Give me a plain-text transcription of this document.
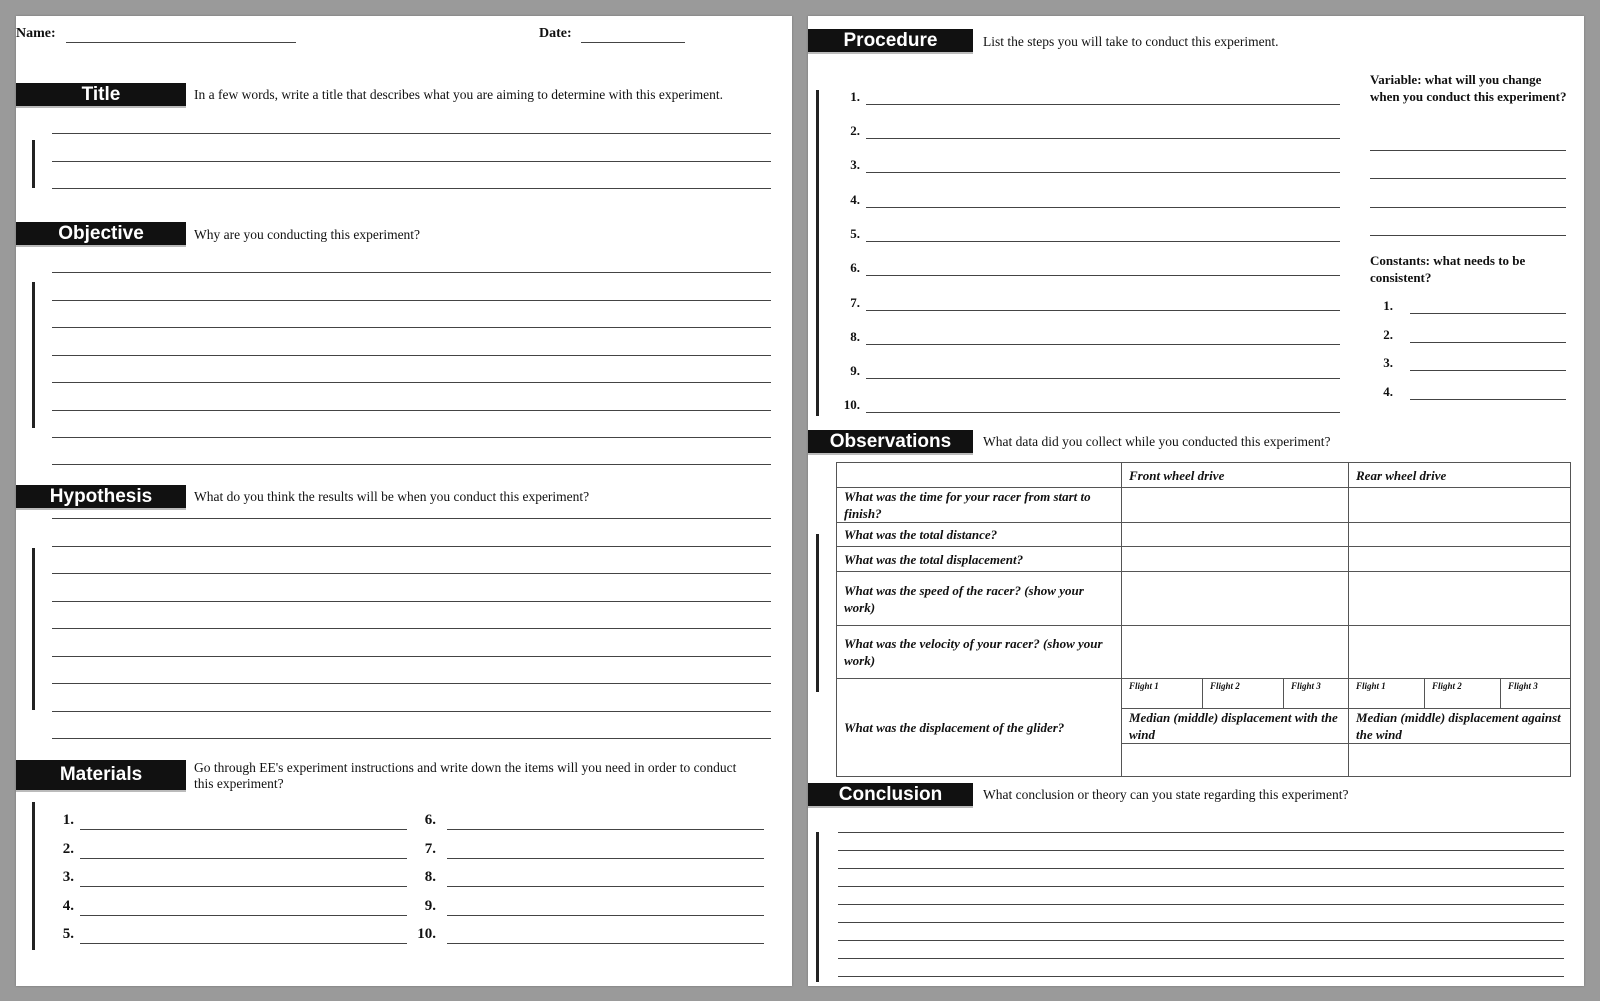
Name:	Date:
Title	In a few words, write a title that describes what you are aiming to determine with this experiment.
Objective	Why are you conducting this experiment?
Hypothesis	What do you think the results will be when you conduct this experiment?
Materials	Go through EE's experiment instructions and write down the items will you need in order to conduct this experiment?
1.
2.
3.
4.
5.
6.
7.
8.
9.
10.
Procedure	List the steps you will take to conduct this experiment.
1.
2.
3.
4.
5.
6.
7.
8.
9.
10.
Variable: what will you change when you conduct this experiment?
Constants: what needs to be consistent?
1.
2.
3.
4.
Observations	What data did you collect while you conducted this experiment?
	Front wheel drive			Rear wheel drive		
What was the time for your racer from start to finish?						
What was the total distance?						
What was the total displacement?						
What was the speed of the racer? (show your work)						
What was the velocity of your racer? (show your work)						
What was the displacement of the glider?	Flight 1	Flight 2	Flight 3	Flight 1	Flight 2	Flight 3
	Median (middle) displacement with the wind			Median (middle) displacement against the wind		

Conclusion	What conclusion or theory can you state regarding this experiment?
